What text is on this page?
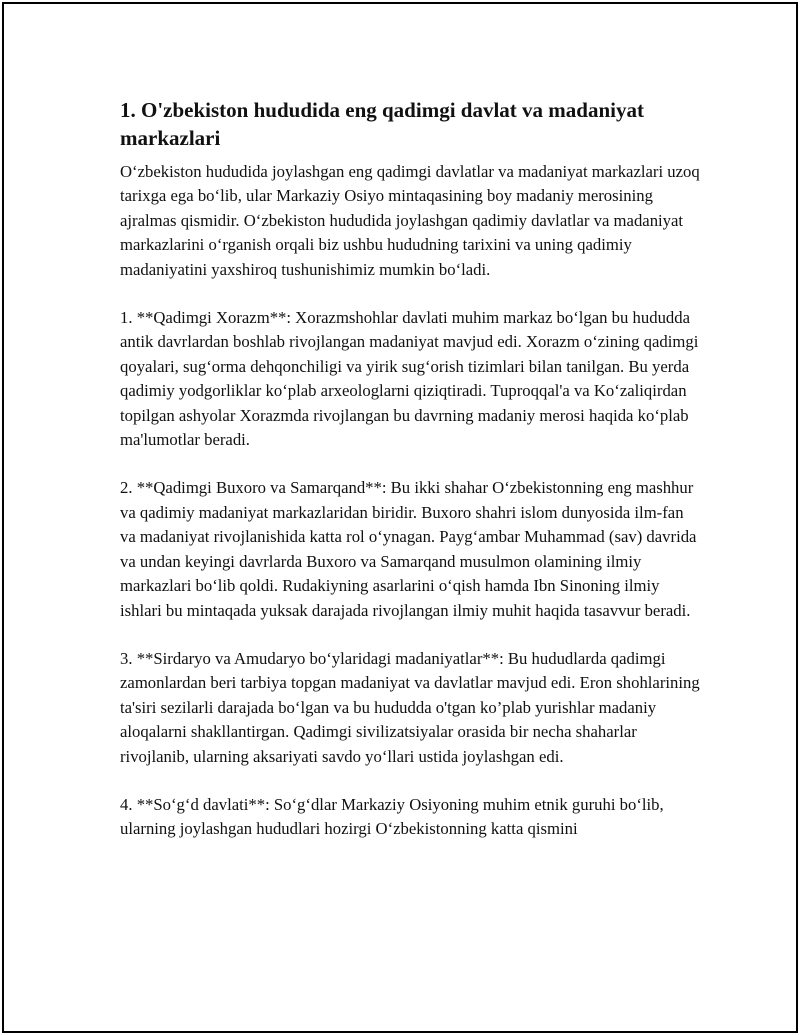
1. O'zbekiston hududida eng qadimgi davlat va madaniyat markazlari

O‘zbekiston hududida joylashgan eng qadimgi davlatlar va madaniyat markazlari uzoq tarixga ega bo‘lib, ular Markaziy Osiyo mintaqasining boy madaniy merosining ajralmas qismidir. O‘zbekiston hududida joylashgan qadimiy davlatlar va madaniyat markazlarini o‘rganish orqali biz ushbu hududning tarixini va uning qadimiy madaniyatini yaxshiroq tushunishimiz mumkin bo‘ladi.

1. **Qadimgi Xorazm**: Xorazmshohlar davlati muhim markaz bo‘lgan bu hududda antik davrlardan boshlab rivojlangan madaniyat mavjud edi. Xorazm o‘zining qadimgi qoyalari, sug‘orma dehqonchiligi va yirik sug‘orish tizimlari bilan tanilgan. Bu yerda qadimiy yodgorliklar ko‘plab arxeologlarni qiziqtiradi. Tuproqqal'a va Ko‘zaliqirdan topilgan ashyolar Xorazmda rivojlangan bu davrning madaniy merosi haqida ko‘plab ma'lumotlar beradi.

2. **Qadimgi Buxoro va Samarqand**: Bu ikki shahar O‘zbekistonning eng mashhur va qadimiy madaniyat markazlaridan biridir. Buxoro shahri islom dunyosida ilm-fan va madaniyat rivojlanishida katta rol o‘ynagan. Payg‘ambar Muhammad (sav) davrida va undan keyingi davrlarda Buxoro va Samarqand musulmon olamining ilmiy markazlari bo‘lib qoldi. Rudakiyning asarlarini o‘qish hamda Ibn Sinoning ilmiy ishlari bu mintaqada yuksak darajada rivojlangan ilmiy muhit haqida tasavvur beradi.

3. **Sirdaryo va Amudaryo bo‘ylaridagi madaniyatlar**: Bu hududlarda qadimgi zamonlardan beri tarbiya topgan madaniyat va davlatlar mavjud edi. Eron shohlarining ta'siri sezilarli darajada bo‘lgan va bu hududda o'tgan ko’plab yurishlar madaniy aloqalarni shakllantirgan. Qadimgi sivilizatsiyalar orasida bir necha shaharlar rivojlanib, ularning aksariyati savdo yo‘llari ustida joylashgan edi.

4. **So‘g‘d davlati**: So‘g‘dlar Markaziy Osiyoning muhim etnik guruhi bo‘lib, ularning joylashgan hududlari hozirgi O‘zbekistonning katta qismini
